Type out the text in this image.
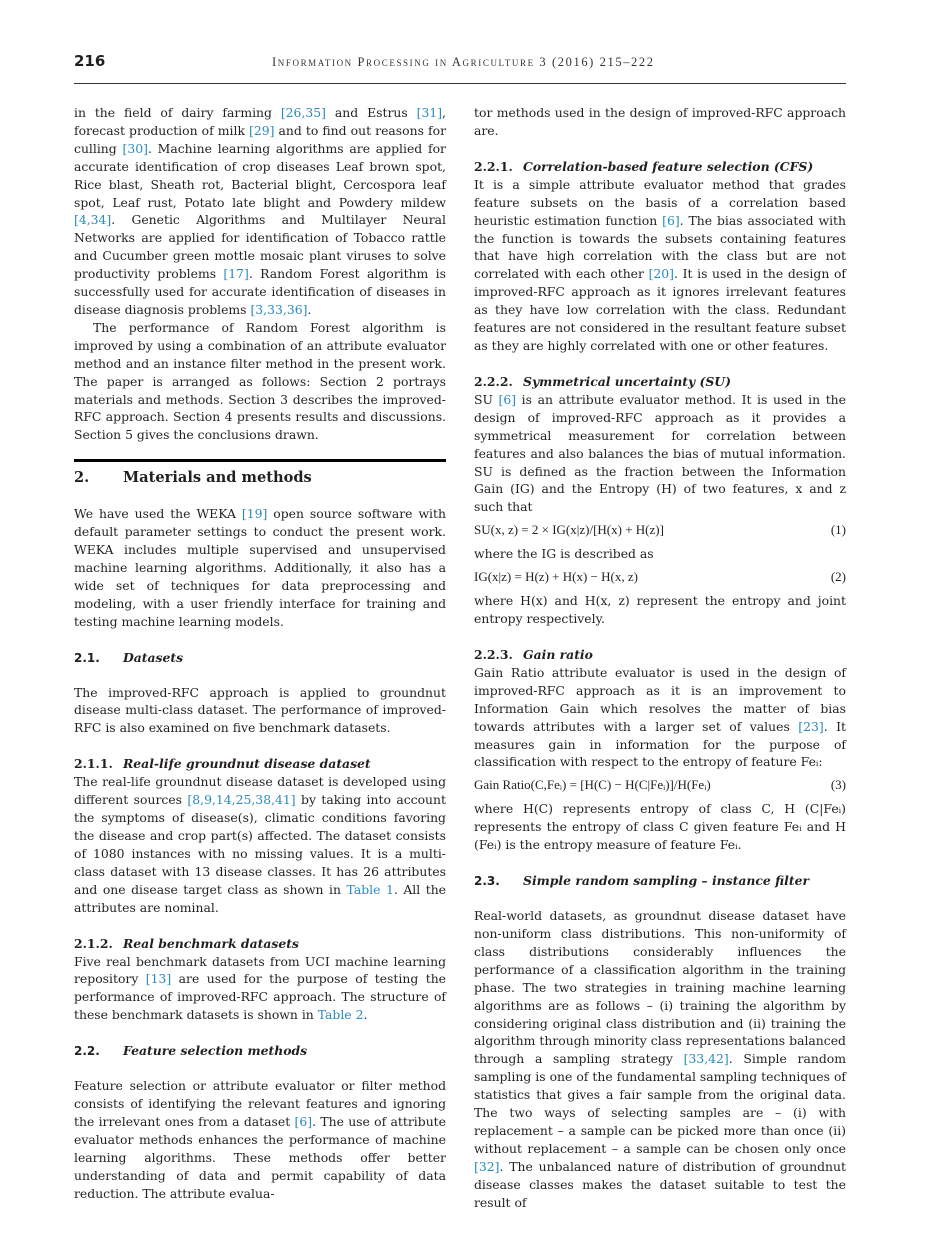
216	Information Processing in Agriculture 3 (2016) 215–222

in the field of dairy farming [26,35] and Estrus [31], forecast production of milk [29] and to find out reasons for culling [30]. Machine learning algorithms are applied for accurate identification of crop diseases Leaf brown spot, Rice blast, Sheath rot, Bacterial blight, Cercospora leaf spot, Leaf rust, Potato late blight and Powdery mildew [4,34]. Genetic Algorithms and Multilayer Neural Networks are applied for identification of Tobacco rattle and Cucumber green mottle mosaic plant viruses to solve productivity problems [17]. Random Forest algorithm is successfully used for accurate identification of diseases in disease diagnosis problems [3,33,36].

The performance of Random Forest algorithm is improved by using a combination of an attribute evaluator method and an instance filter method in the present work. The paper is arranged as follows: Section 2 portrays materials and methods. Section 3 describes the improved-RFC approach. Section 4 presents results and discussions. Section 5 gives the conclusions drawn.

2. Materials and methods

We have used the WEKA [19] open source software with default parameter settings to conduct the present work. WEKA includes multiple supervised and unsupervised machine learning algorithms. Additionally, it also has a wide set of techniques for data preprocessing and modeling, with a user friendly interface for training and testing machine learning models.

2.1. Datasets

The improved-RFC approach is applied to groundnut disease multi-class dataset. The performance of improved-RFC is also examined on five benchmark datasets.

2.1.1. Real-life groundnut disease dataset

The real-life groundnut disease dataset is developed using different sources [8,9,14,25,38,41] by taking into account the symptoms of disease(s), climatic conditions favoring the disease and crop part(s) affected. The dataset consists of 1080 instances with no missing values. It is a multi-class dataset with 13 disease classes. It has 26 attributes and one disease target class as shown in Table 1. All the attributes are nominal.

2.1.2. Real benchmark datasets

Five real benchmark datasets from UCI machine learning repository [13] are used for the purpose of testing the performance of improved-RFC approach. The structure of these benchmark datasets is shown in Table 2.

2.2. Feature selection methods

Feature selection or attribute evaluator or filter method consists of identifying the relevant features and ignoring the irrelevant ones from a dataset [6]. The use of attribute evaluator methods enhances the performance of machine learning algorithms. These methods offer better understanding of data and permit capability of data reduction. The attribute evalua-

tor methods used in the design of improved-RFC approach are.

2.2.1. Correlation-based feature selection (CFS)

It is a simple attribute evaluator method that grades feature subsets on the basis of a correlation based heuristic estimation function [6]. The bias associated with the function is towards the subsets containing features that have high correlation with the class but are not correlated with each other [20]. It is used in the design of improved-RFC approach as it ignores irrelevant features as they have low correlation with the class. Redundant features are not considered in the resultant feature subset as they are highly correlated with one or other features.

2.2.2. Symmetrical uncertainty (SU)

SU [6] is an attribute evaluator method. It is used in the design of improved-RFC approach as it provides a symmetrical measurement for correlation between features and also balances the bias of mutual information. SU is defined as the fraction between the Information Gain (IG) and the Entropy (H) of two features, x and z such that

SU(x, z) = 2 × IG(x|z)/[H(x) + H(z)]	(1)

where the IG is described as

IG(x|z) = H(z) + H(x) − H(x, z)	(2)

where H(x) and H(x, z) represent the entropy and joint entropy respectively.

2.2.3. Gain ratio

Gain Ratio attribute evaluator is used in the design of improved-RFC approach as it is an improvement to Information Gain which resolves the matter of bias towards attributes with a larger set of values [23]. It measures gain in information for the purpose of classification with respect to the entropy of feature Feᵢ:

Gain Ratio(C,Feᵢ) = [H(C) − H(C|Feᵢ)]/H(Feᵢ)	(3)

where H(C) represents entropy of class C, H (C|Feᵢ) represents the entropy of class C given feature Feᵢ and H (Feᵢ) is the entropy measure of feature Feᵢ.

2.3. Simple random sampling – instance filter

Real-world datasets, as groundnut disease dataset have non-uniform class distributions. This non-uniformity of class distributions considerably influences the performance of a classification algorithm in the training phase. The two strategies in training machine learning algorithms are as follows – (i) training the algorithm by considering original class distribution and (ii) training the algorithm through minority class representations balanced through a sampling strategy [33,42]. Simple random sampling is one of the fundamental sampling techniques of statistics that gives a fair sample from the original data. The two ways of selecting samples are – (i) with replacement – a sample can be picked more than once (ii) without replacement – a sample can be chosen only once [32]. The unbalanced nature of distribution of groundnut disease classes makes the dataset suitable to test the result of
